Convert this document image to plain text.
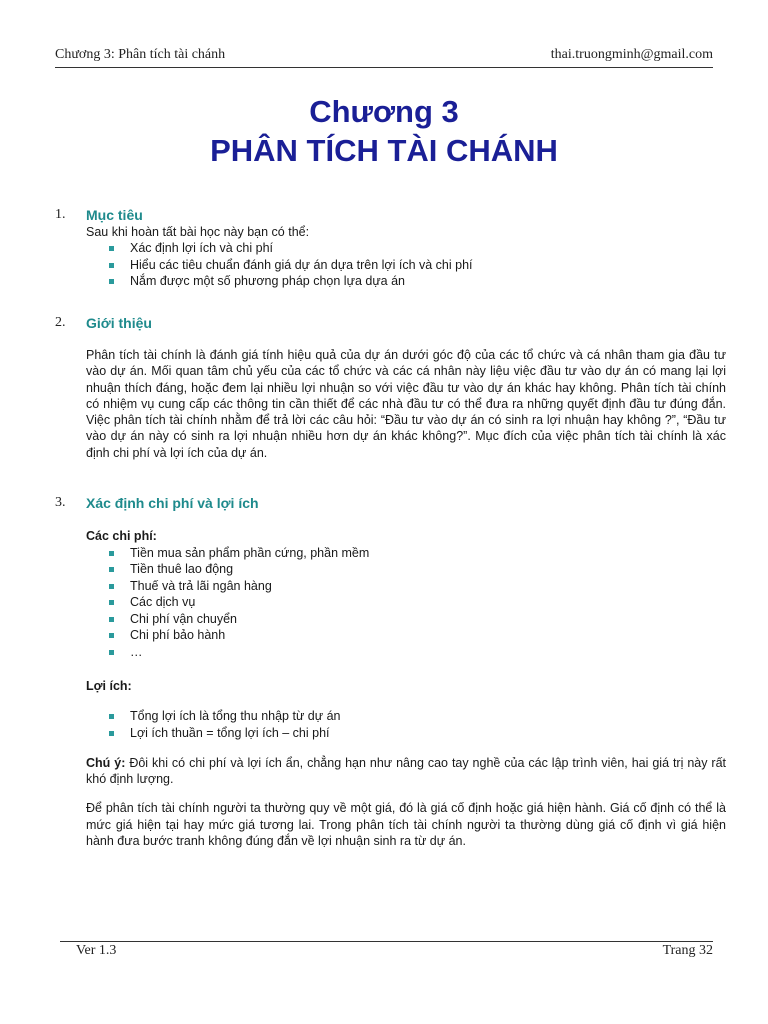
Chương 3: Phân tích tài chánh	thai.truongminh@gmail.com
Chương 3
PHÂN TÍCH TÀI CHÁNH
1. Mục tiêu
Sau khi hoàn tất bài học này bạn có thể:
Xác định lợi ích và chi phí
Hiểu các tiêu chuẩn đánh giá dự án dựa trên lợi ích và chi phí
Nắm được một số phương pháp chọn lựa dựa án
2. Giới thiệu
Phân tích tài chính là đánh giá tính hiệu quả của dự án dưới góc độ của các tổ chức và cá nhân tham gia đầu tư
vào dự án. Mối quan tâm chủ yếu của các tổ chức và các cá nhân này liệu việc đầu tư vào dự án có mang lại lợi
nhuận thích đáng, hoặc đem lại nhiều lợi nhuận so với việc đầu tư vào dự án khác hay không. Phân tích tài chính
có nhiệm vụ cung cấp các thông tin cần thiết để các nhà đầu tư có thể đưa ra những quyết định đầu tư đúng đắn.
Việc phân tích tài chính nhằm để trả lời các câu hỏi: “Đầu tư vào dự án có sinh ra lợi nhuận hay không ?”, “Đầu tư
vào dự án này có sinh ra lợi nhuận nhiều hơn dự án khác không?”. Mục đích của việc phân tích tài chính là xác
định chi phí và lợi ích của dự án.
3. Xác định chi phí và lợi ích
Các chi phí:
Tiền mua sản phẩm phần cứng, phần mềm
Tiền thuê lao động
Thuế và trả lãi ngân hàng
Các dịch vụ
Chi phí vận chuyển
Chi phí bảo hành
…
Lợi ích:
Tổng lợi ích là tổng thu nhập từ dự án
Lợi ích thuần = tổng lợi ích – chi phí
Chú ý: Đôi khi có chi phí và lợi ích ẩn, chẳng hạn như nâng cao tay nghề của các lập trình viên, hai giá trị này rất
khó định lượng.
Để phân tích tài chính người ta thường quy về một giá, đó là giá cố định hoặc giá hiện hành. Giá cố định có thể là
mức giá hiện tại hay mức giá tương lai. Trong phân tích tài chính người ta thường dùng giá cố định vì giá hiện
hành đưa bước tranh không đúng đắn về lợi nhuận sinh ra từ dự án.
Ver 1.3	Trang 32
